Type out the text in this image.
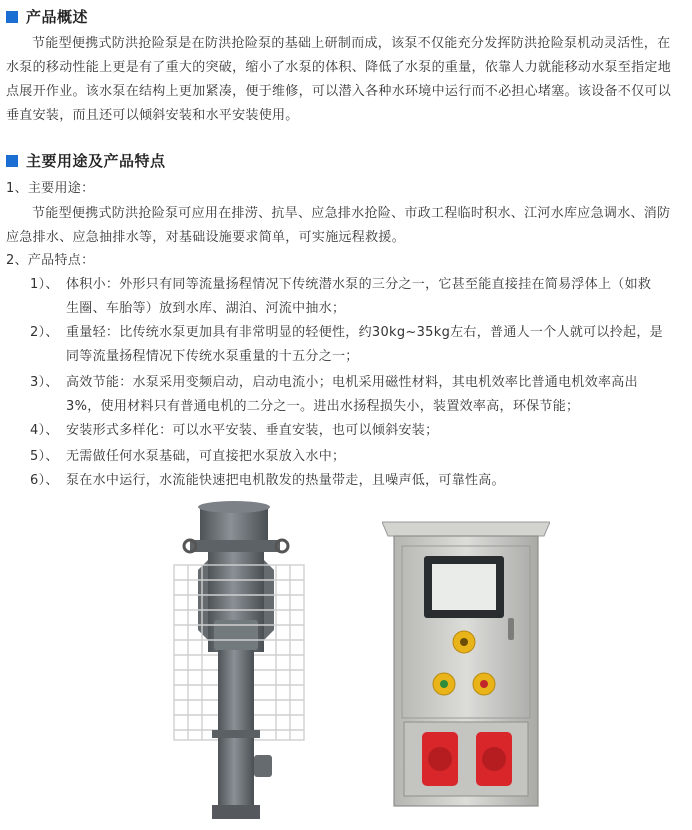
产品概述

节能型便携式防洪抢险泵是在防洪抢险泵的基础上研制而成，该泵不仅能充分发挥防洪抢险泵机动灵活性，在水泵的移动性能上更是有了重大的突破，缩小了水泵的体积、降低了水泵的重量，依靠人力就能移动水泵至指定地点展开作业。该水泵在结构上更加紧凑，便于维修，可以潜入各种水环境中运行而不必担心堵塞。该设备不仅可以垂直安装，而且还可以倾斜安装和水平安装使用。

主要用途及产品特点
1、主要用途：

节能型便携式防洪抢险泵可应用在排涝、抗旱、应急排水抢险、市政工程临时积水、江河水库应急调水、消防应急排水、应急抽排水等，对基础设施要求简单，可实施远程救援。

2、产品特点：
1）、 体积小：外形只有同等流量扬程情况下传统潜水泵的三分之一，它甚至能直接挂在简易浮体上（如救
生圈、车胎等）放到水库、湖泊、河流中抽水；
2）、 重量轻：比传统水泵更加具有非常明显的轻便性，约30kg~35kg左右，普通人一个人就可以拎起，是
同等流量扬程情况下传统水泵重量的十五分之一；
3）、 高效节能：水泵采用变频启动，启动电流小；电机采用磁性材料，其电机效率比普通电机效率高出
3%，使用材料只有普通电机的二分之一。进出水扬程损失小，装置效率高，环保节能；
4）、 安装形式多样化：可以水平安装、垂直安装，也可以倾斜安装；
5）、 无需做任何水泵基础，可直接把水泵放入水中；
6）、 泵在水中运行，水流能快速把电机散发的热量带走，且噪声低，可靠性高。
